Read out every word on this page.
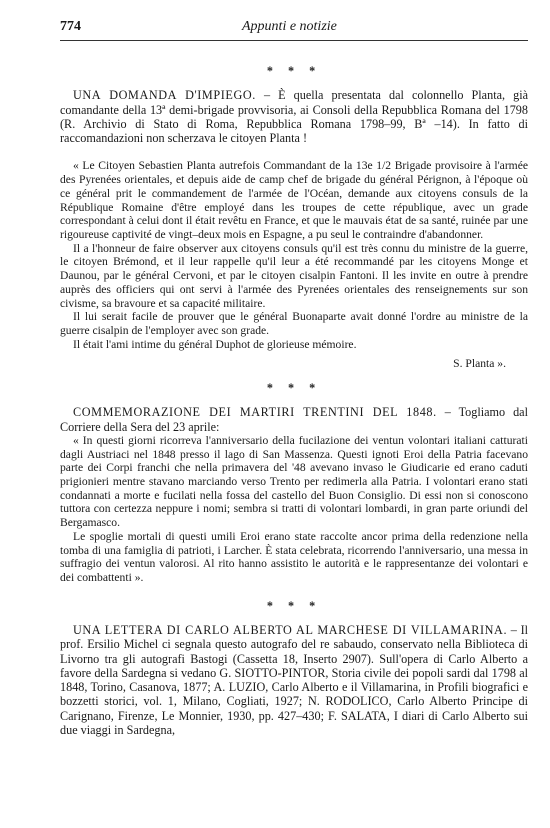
774	Appunti e notizie
* * *

UNA DOMANDA D'IMPIEGO. – È quella presentata dal colonnello Planta, già comandante della 13ª demi-brigade provvisoria, ai Consoli della Repubblica Romana del 1798 (R. Archivio di Stato di Roma, Repubblica Romana 1798–99, Bª –14). In fatto di raccomandazioni non scherzava le citoyen Planta !

« Le Citoyen Sebastien Planta autrefois Commandant de la 13e 1/2 Brigade provisoire à l'armée des Pyrenées orientales, et depuis aide de camp chef de brigade du général Pérignon, à l'époque où ce général prit le commandement de l'armée de l'Océan, demande aux citoyens consuls de la République Romaine d'être employé dans les troupes de cette république, avec un grade correspondant à celui dont il était revêtu en France, et que le mauvais état de sa santé, ruinée par une rigoureuse captivité de vingt–deux mois en Espagne, a pu seul le contraindre d'abandonner.

Il a l'honneur de faire observer aux citoyens consuls qu'il est très connu du ministre de la guerre, le citoyen Brémond, et il leur rappelle qu'il leur a été recommandé par les citoyens Monge et Daunou, par le général Cervoni, et par le citoyen cisalpin Fantoni. Il les invite en outre à prendre auprès des officiers qui ont servi à l'armée des Pyrenées orientales des renseignements sur son civisme, sa bravoure et sa capacité militaire.

Il lui serait facile de prouver que le général Buonaparte avait donné l'ordre au ministre de la guerre cisalpin de l'employer avec son grade.

Il était l'ami intime du général Duphot de glorieuse mémoire.

S. Planta ».
* * *

COMMEMORAZIONE DEI MARTIRI TRENTINI DEL 1848. – Togliamo dal Corriere della Sera del 23 aprile:

« In questi giorni ricorreva l'anniversario della fucilazione dei ventun volontari italiani catturati dagli Austriaci nel 1848 presso il lago di San Massenza. Questi ignoti Eroi della Patria facevano parte dei Corpi franchi che nella primavera del '48 avevano invaso le Giudicarie ed erano caduti prigionieri mentre stavano marciando verso Trento per redimerla alla Patria. I volontari erano stati condannati a morte e fucilati nella fossa del castello del Buon Consiglio. Di essi non si conoscono tuttora con certezza neppure i nomi; sembra si tratti di volontari lombardi, in gran parte oriundi del Bergamasco.

Le spoglie mortali di questi umili Eroi erano state raccolte ancor prima della redenzione nella tomba di una famiglia di patrioti, i Larcher. È stata celebrata, ricorrendo l'anniversario, una messa in suffragio dei ventun valorosi. Al rito hanno assistito le autorità e le rappresentanze dei volontari e dei combattenti ».

* * *

UNA LETTERA DI CARLO ALBERTO AL MARCHESE DI VILLAMARINA. – Il prof. Ersilio Michel ci segnala questo autografo del re sabaudo, conservato nella Biblioteca di Livorno tra gli autografi Bastogi (Cassetta 18, Inserto 2907). Sull'opera di Carlo Alberto a favore della Sardegna si vedano G. SIOTTO-PINTOR, Storia civile dei popoli sardi dal 1798 al 1848, Torino, Casanova, 1877; A. LUZIO, Carlo Alberto e il Villamarina, in Profili biografici e bozzetti storici, vol. 1, Milano, Cogliati, 1927; N. RODOLICO, Carlo Alberto Principe di Carignano, Firenze, Le Monnier, 1930, pp. 427–430; F. SALATA, I diari di Carlo Alberto sui due viaggi in Sardegna,
